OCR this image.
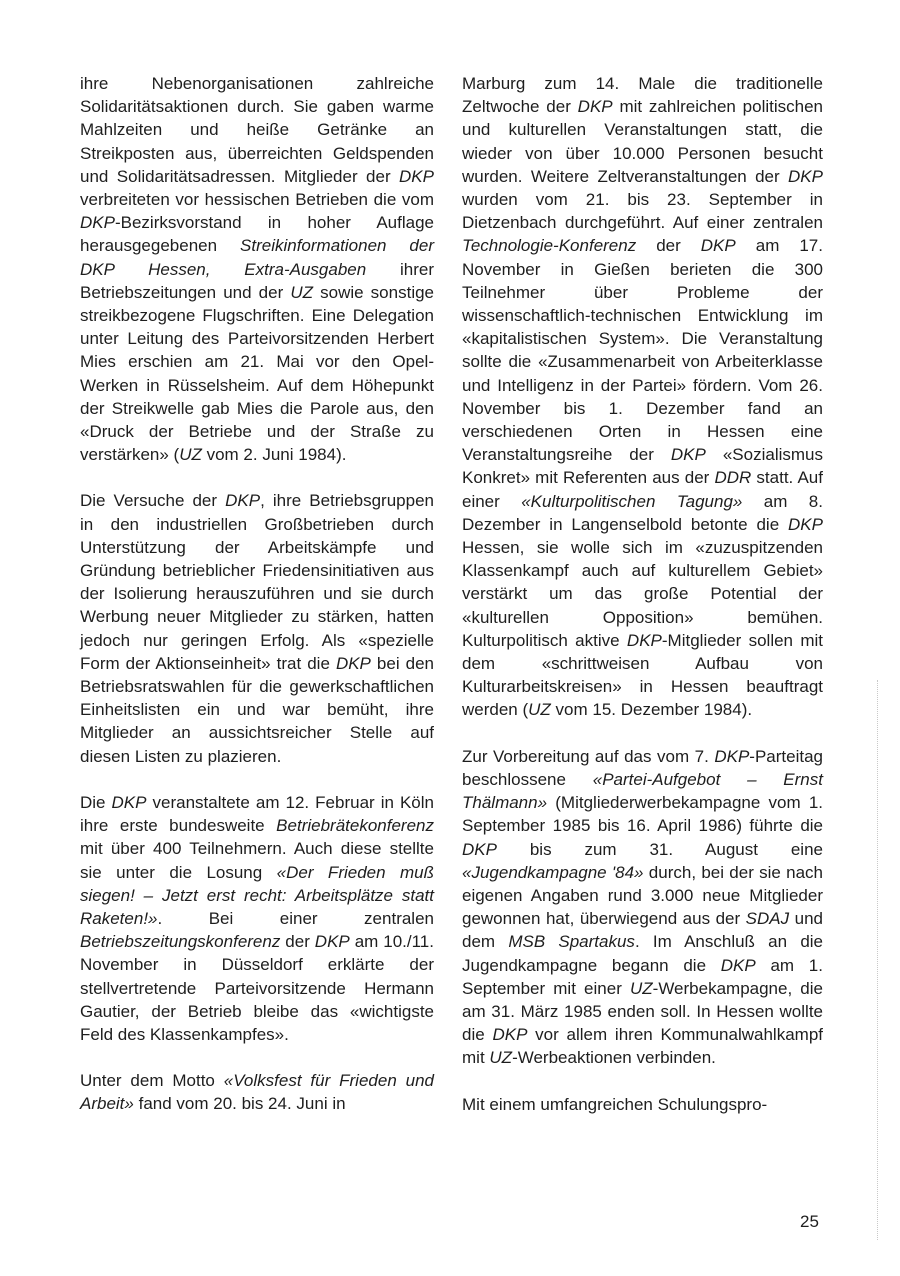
ihre Nebenorganisationen zahlreiche Solidaritätsaktionen durch. Sie gaben warme Mahlzeiten und heiße Getränke an Streikposten aus, überreichten Geldspenden und Solidaritätsadressen. Mitglieder der DKP verbreiteten vor hessischen Betrieben die vom DKP-Bezirksvorstand in hoher Auflage herausgegebenen Streikinformationen der DKP Hessen, Extra-Ausgaben ihrer Betriebszeitungen und der UZ sowie sonstige streikbezogene Flugschriften. Eine Delegation unter Leitung des Parteivorsitzenden Herbert Mies erschien am 21. Mai vor den Opel-Werken in Rüsselsheim. Auf dem Höhepunkt der Streikwelle gab Mies die Parole aus, den «Druck der Betriebe und der Straße zu verstärken» (UZ vom 2. Juni 1984).

Die Versuche der DKP, ihre Betriebsgruppen in den industriellen Großbetrieben durch Unterstützung der Arbeitskämpfe und Gründung betrieblicher Friedensinitiativen aus der Isolierung herauszuführen und sie durch Werbung neuer Mitglieder zu stärken, hatten jedoch nur geringen Erfolg. Als «spezielle Form der Aktionseinheit» trat die DKP bei den Betriebsratswahlen für die gewerkschaftlichen Einheitslisten ein und war bemüht, ihre Mitglieder an aussichtsreicher Stelle auf diesen Listen zu plazieren.

Die DKP veranstaltete am 12. Februar in Köln ihre erste bundesweite Betriebrätekonferenz mit über 400 Teilnehmern. Auch diese stellte sie unter die Losung «Der Frieden muß siegen! – Jetzt erst recht: Arbeitsplätze statt Raketen!». Bei einer zentralen Betriebszeitungskonferenz der DKP am 10./11. November in Düsseldorf erklärte der stellvertretende Parteivorsitzende Hermann Gautier, der Betrieb bleibe das «wichtigste Feld des Klassenkampfes».

Unter dem Motto «Volksfest für Frieden und Arbeit» fand vom 20. bis 24. Juni in

Marburg zum 14. Male die traditionelle Zeltwoche der DKP mit zahlreichen politischen und kulturellen Veranstaltungen statt, die wieder von über 10.000 Personen besucht wurden. Weitere Zeltveranstaltungen der DKP wurden vom 21. bis 23. September in Dietzenbach durchgeführt. Auf einer zentralen Technologie-Konferenz der DKP am 17. November in Gießen berieten die 300 Teilnehmer über Probleme der wissenschaftlich-technischen Entwicklung im «kapitalistischen System». Die Veranstaltung sollte die «Zusammenarbeit von Arbeiterklasse und Intelligenz in der Partei» fördern. Vom 26. November bis 1. Dezember fand an verschiedenen Orten in Hessen eine Veranstaltungsreihe der DKP «Sozialismus Konkret» mit Referenten aus der DDR statt. Auf einer «Kulturpolitischen Tagung» am 8. Dezember in Langenselbold betonte die DKP Hessen, sie wolle sich im «zuzuspitzenden Klassenkampf auch auf kulturellem Gebiet» verstärkt um das große Potential der «kulturellen Opposition» bemühen. Kulturpolitisch aktive DKP-Mitglieder sollen mit dem «schrittweisen Aufbau von Kulturarbeitskreisen» in Hessen beauftragt werden (UZ vom 15. Dezember 1984).

Zur Vorbereitung auf das vom 7. DKP-Parteitag beschlossene «Partei-Aufgebot – Ernst Thälmann» (Mitgliederwerbekampagne vom 1. September 1985 bis 16. April 1986) führte die DKP bis zum 31. August eine «Jugendkampagne '84» durch, bei der sie nach eigenen Angaben rund 3.000 neue Mitglieder gewonnen hat, überwiegend aus der SDAJ und dem MSB Spartakus. Im Anschluß an die Jugendkampagne begann die DKP am 1. September mit einer UZ-Werbekampagne, die am 31. März 1985 enden soll. In Hessen wollte die DKP vor allem ihren Kommunalwahlkampf mit UZ-Werbeaktionen verbinden.

Mit einem umfangreichen Schulungspro-

25
